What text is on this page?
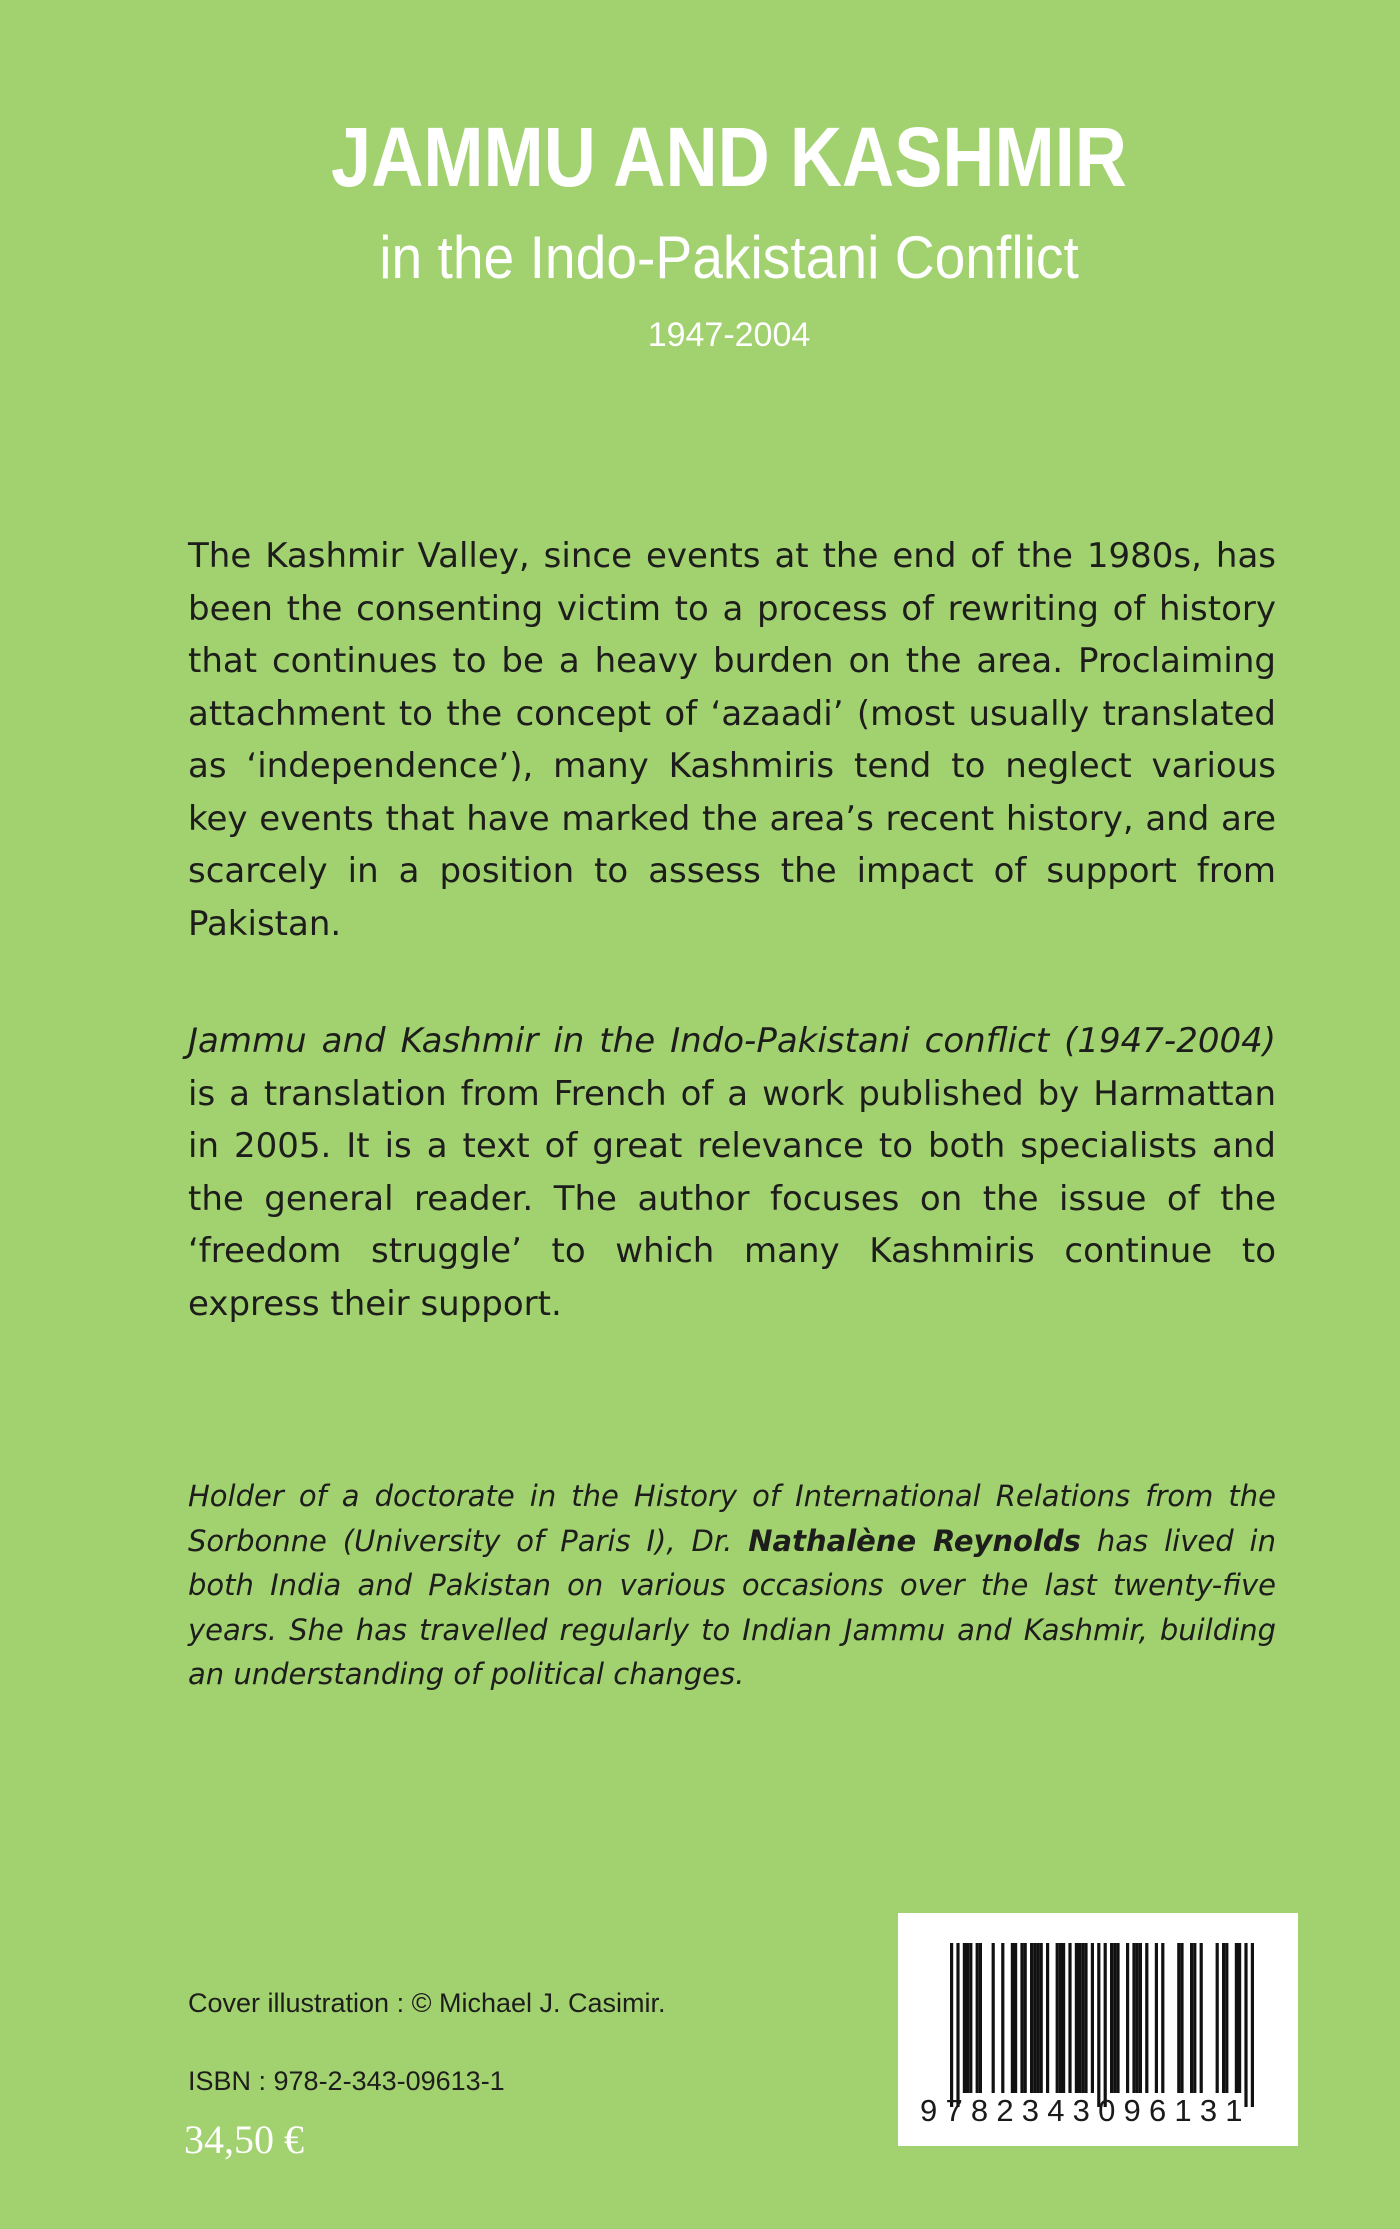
JAMMU AND KASHMIR
in the Indo-Pakistani Conflict
1947-2004

The Kashmir Valley, since events at the end of the 1980s, has been the consenting victim to a process of rewriting of history that continues to be a heavy burden on the area. Proclaiming attachment to the concept of ‘azaadi’ (most usually translated as ‘independence’), many Kashmiris tend to neglect various key events that have marked the area’s recent history, and are scarcely in a position to assess the impact of support from Pakistan.

Jammu and Kashmir in the Indo-Pakistani conflict (1947-2004) is a translation from French of a work published by Harmattan in 2005. It is a text of great relevance to both specialists and the general reader. The author focuses on the issue of the ‘freedom struggle’ to which many Kashmiris continue to express their support.

Holder of a doctorate in the History of International Relations from the Sorbonne (University of Paris I), Dr. Nathalène Reynolds has lived in both India and Pakistan on various occasions over the last twenty-five years. She has travelled regularly to Indian Jammu and Kashmir, building an understanding of political changes.

Cover illustration : © Michael J. Casimir.
ISBN : 978-2-343-09613-1
34,50 €
9782343096131
